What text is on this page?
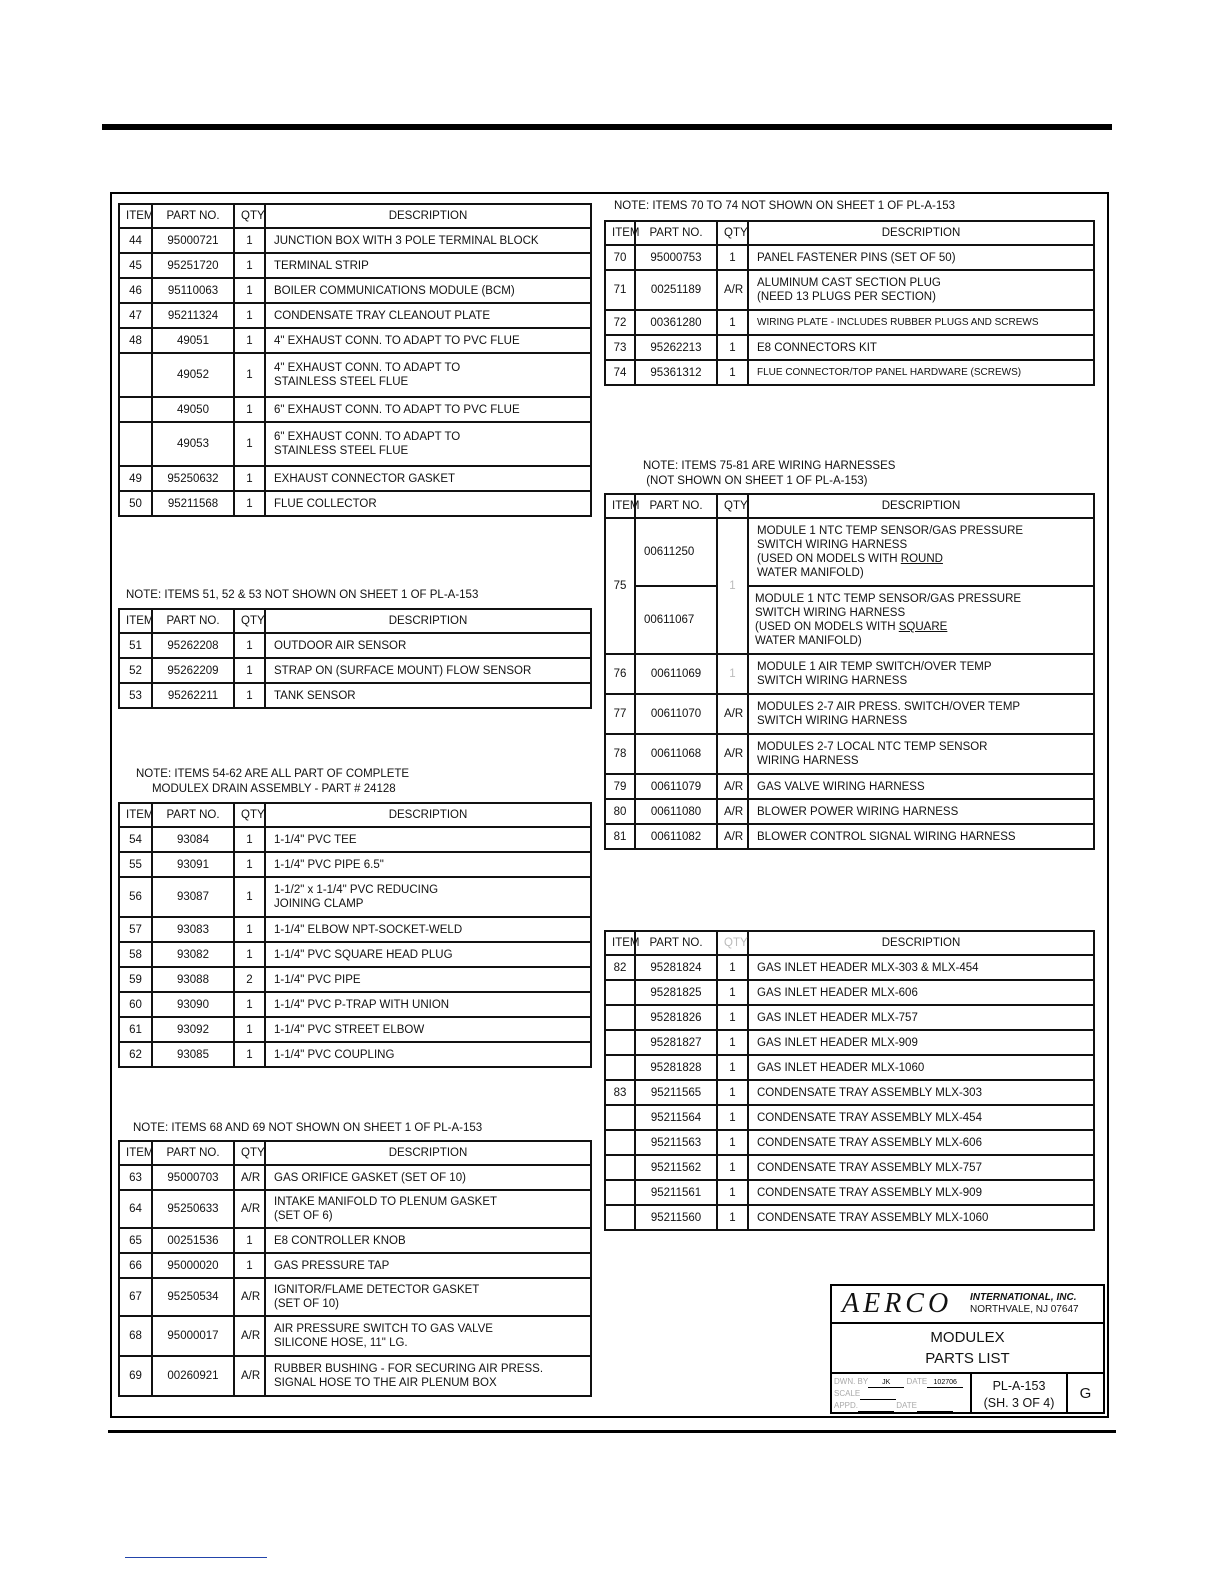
ITEM	PART NO.	QTY	DESCRIPTION
44	95000721	1	JUNCTION BOX WITH 3 POLE TERMINAL BLOCK
45	95251720	1	TERMINAL STRIP
46	95110063	1	BOILER COMMUNICATIONS MODULE (BCM)
47	95211324	1	CONDENSATE TRAY CLEANOUT PLATE
48	49051	1	4" EXHAUST CONN. TO ADAPT TO PVC FLUE
	49052	1	4" EXHAUST CONN. TO ADAPT TO
STAINLESS STEEL FLUE
	49050	1	6" EXHAUST CONN. TO ADAPT TO PVC FLUE
	49053	1	6" EXHAUST CONN. TO ADAPT TO
STAINLESS STEEL FLUE
49	95250632	1	EXHAUST CONNECTOR GASKET
50	95211568	1	FLUE COLLECTOR
NOTE: ITEMS 51, 52 & 53 NOT SHOWN ON SHEET 1 OF PL-A-153
ITEM	PART NO.	QTY	DESCRIPTION
51	95262208	1	OUTDOOR AIR SENSOR
52	95262209	1	STRAP ON (SURFACE MOUNT) FLOW SENSOR
53	95262211	1	TANK SENSOR
NOTE: ITEMS 54-62 ARE ALL PART OF COMPLETE
MODULEX DRAIN ASSEMBLY - PART # 24128
ITEM	PART NO.	QTY	DESCRIPTION
54	93084	1	1-1/4" PVC TEE
55	93091	1	1-1/4" PVC PIPE 6.5"
56	93087	1	1-1/2" x 1-1/4" PVC REDUCING
JOINING CLAMP
57	93083	1	1-1/4" ELBOW NPT-SOCKET-WELD
58	93082	1	1-1/4" PVC SQUARE HEAD PLUG
59	93088	2	1-1/4" PVC PIPE
60	93090	1	1-1/4" PVC P-TRAP WITH UNION
61	93092	1	1-1/4" PVC STREET ELBOW
62	93085	1	1-1/4" PVC COUPLING
NOTE: ITEMS 68 AND 69 NOT SHOWN ON SHEET 1 OF PL-A-153
ITEM	PART NO.	QTY	DESCRIPTION
63	95000703	A/R	GAS ORIFICE GASKET (SET OF 10)
64	95250633	A/R	INTAKE MANIFOLD TO PLENUM GASKET
(SET OF 6)
65	00251536	1	E8 CONTROLLER KNOB
66	95000020	1	GAS PRESSURE TAP
67	95250534	A/R	IGNITOR/FLAME DETECTOR GASKET
(SET OF 10)
68	95000017	A/R	AIR PRESSURE SWITCH TO GAS VALVE
SILICONE HOSE, 11" LG.
69	00260921	A/R	RUBBER BUSHING - FOR SECURING AIR PRESS.
SIGNAL HOSE TO THE AIR PLENUM BOX
NOTE: ITEMS 70 TO 74 NOT SHOWN ON SHEET 1 OF PL-A-153
ITEM	PART NO.	QTY	DESCRIPTION
70	95000753	1	PANEL FASTENER PINS (SET OF 50)
71	00251189	A/R	ALUMINUM CAST SECTION PLUG
(NEED 13 PLUGS PER SECTION)
72	00361280	1	WIRING PLATE - INCLUDES RUBBER PLUGS AND SCREWS
73	95262213	1	E8 CONNECTORS KIT
74	95361312	1	FLUE CONNECTOR/TOP PANEL HARDWARE (SCREWS)
NOTE: ITEMS 75-81 ARE WIRING HARNESSES
(NOT SHOWN ON SHEET 1 OF PL-A-153)
ITEM	PART NO.	QTY	DESCRIPTION
75	00611250	1	MODULE 1 NTC TEMP SENSOR/GAS PRESSURE
SWITCH WIRING HARNESS
(USED ON MODELS WITH ROUND
WATER MANIFOLD)
	00611067		MODULE 1 NTC TEMP SENSOR/GAS PRESSURE
SWITCH WIRING HARNESS
(USED ON MODELS WITH SQUARE
WATER MANIFOLD)
76	00611069	1	MODULE 1 AIR TEMP SWITCH/OVER TEMP
SWITCH WIRING HARNESS
77	00611070	A/R	MODULES 2-7 AIR PRESS. SWITCH/OVER TEMP
SWITCH WIRING HARNESS
78	00611068	A/R	MODULES 2-7 LOCAL NTC TEMP SENSOR
WIRING HARNESS
79	00611079	A/R	GAS VALVE WIRING HARNESS
80	00611080	A/R	BLOWER POWER WIRING HARNESS
81	00611082	A/R	BLOWER CONTROL SIGNAL WIRING HARNESS
ITEM	PART NO.	QTY	DESCRIPTION
82	95281824	1	GAS INLET HEADER MLX-303 & MLX-454
	95281825	1	GAS INLET HEADER MLX-606
	95281826	1	GAS INLET HEADER MLX-757
	95281827	1	GAS INLET HEADER MLX-909
	95281828	1	GAS INLET HEADER MLX-1060
83	95211565	1	CONDENSATE TRAY ASSEMBLY MLX-303
	95211564	1	CONDENSATE TRAY ASSEMBLY MLX-454
	95211563	1	CONDENSATE TRAY ASSEMBLY MLX-606
	95211562	1	CONDENSATE TRAY ASSEMBLY MLX-757
	95211561	1	CONDENSATE TRAY ASSEMBLY MLX-909
	95211560	1	CONDENSATE TRAY ASSEMBLY MLX-1060
AERCO INTERNATIONAL, INC.
NORTHVALE, NJ 07647
MODULEX
PARTS LIST
DWN. BY	JK
	DATE 102706
SCALE
APPD.
	DATE
PL-A-153
(SH. 3 OF 4)
G
